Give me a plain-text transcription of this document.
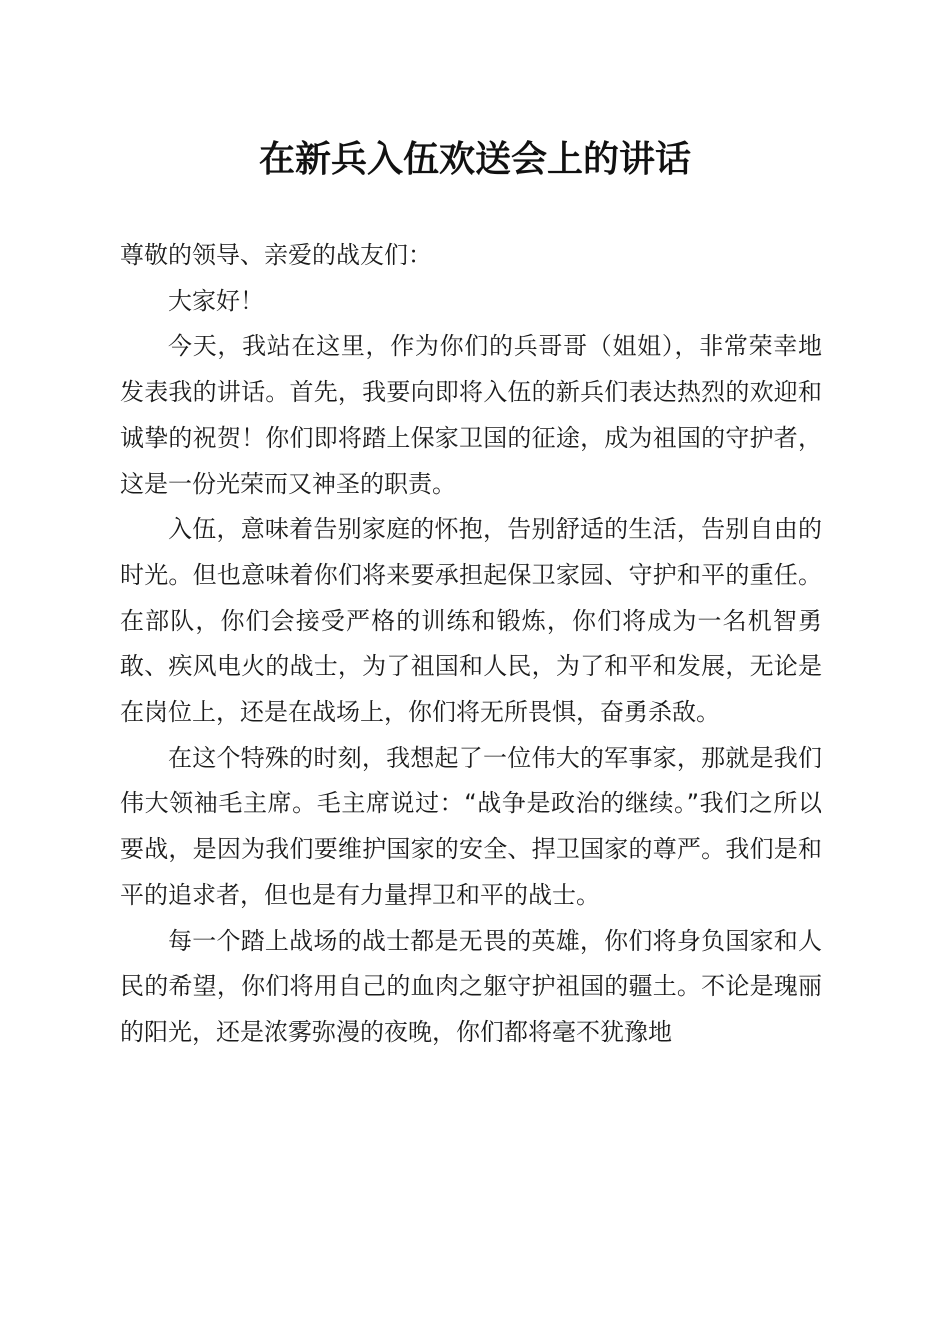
在新兵入伍欢送会上的讲话

尊敬的领导、亲爱的战友们：

大家好！

今天，我站在这里，作为你们的兵哥哥（姐姐），非常荣幸地发表我的讲话。首先，我要向即将入伍的新兵们表达热烈的欢迎和诚挚的祝贺！你们即将踏上保家卫国的征途，成为祖国的守护者，这是一份光荣而又神圣的职责。

入伍，意味着告别家庭的怀抱，告别舒适的生活，告别自由的时光。但也意味着你们将来要承担起保卫家园、守护和平的重任。在部队，你们会接受严格的训练和锻炼，你们将成为一名机智勇敢、疾风电火的战士，为了祖国和人民，为了和平和发展，无论是在岗位上，还是在战场上，你们将无所畏惧，奋勇杀敌。

在这个特殊的时刻，我想起了一位伟大的军事家，那就是我们伟大领袖毛主席。毛主席说过：“战争是政治的继续。”我们之所以要战，是因为我们要维护国家的安全、捍卫国家的尊严。我们是和平的追求者，但也是有力量捍卫和平的战士。

每一个踏上战场的战士都是无畏的英雄，你们将身负国家和人民的希望，你们将用自己的血肉之躯守护祖国的疆土。不论是瑰丽的阳光，还是浓雾弥漫的夜晚，你们都将毫不犹豫地
